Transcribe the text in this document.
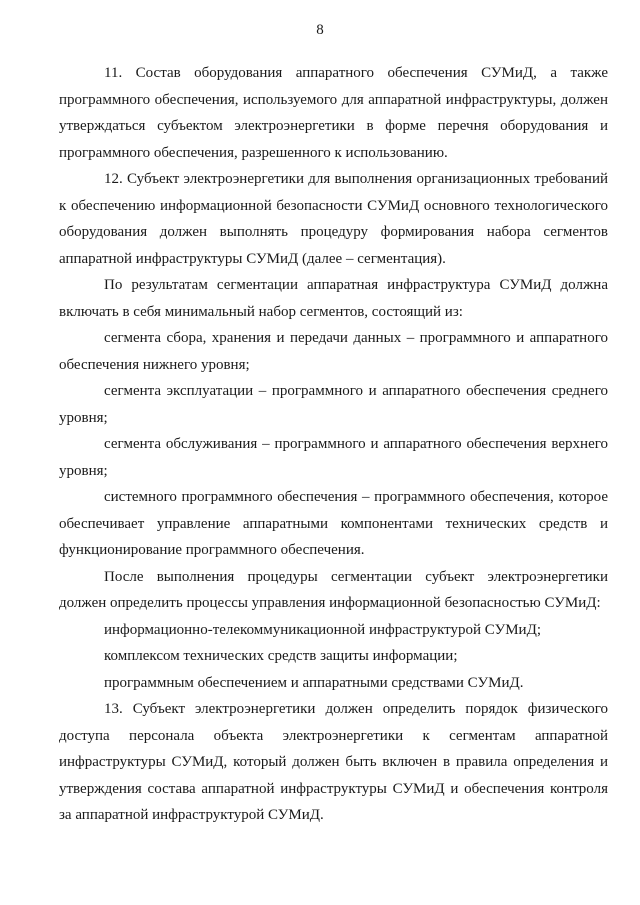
8

11. Состав оборудования аппаратного обеспечения СУМиД, а также программного обеспечения, используемого для аппаратной инфраструктуры, должен утверждаться субъектом электроэнергетики в форме перечня оборудования и программного обеспечения, разрешенного к использованию.

12. Субъект электроэнергетики для выполнения организационных требований к обеспечению информационной безопасности СУМиД основного технологического оборудования должен выполнять процедуру формирования набора сегментов аппаратной инфраструктуры СУМиД (далее – сегментация).

По результатам сегментации аппаратная инфраструктура СУМиД должна включать в себя минимальный набор сегментов, состоящий из:

сегмента сбора, хранения и передачи данных – программного и аппаратного обеспечения нижнего уровня;

сегмента эксплуатации – программного и аппаратного обеспечения среднего уровня;

сегмента обслуживания – программного и аппаратного обеспечения верхнего уровня;

системного программного обеспечения – программного обеспечения, которое обеспечивает управление аппаратными компонентами технических средств и функционирование программного обеспечения.

После выполнения процедуры сегментации субъект электроэнергетики должен определить процессы управления информационной безопасностью СУМиД:

информационно-телекоммуникационной инфраструктурой СУМиД;

комплексом технических средств защиты информации;

программным обеспечением и аппаратными средствами СУМиД.

13. Субъект электроэнергетики должен определить порядок физического доступа персонала объекта электроэнергетики к сегментам аппаратной инфраструктуры СУМиД, который должен быть включен в правила определения и утверждения состава аппаратной инфраструктуры СУМиД и обеспечения контроля за аппаратной инфраструктурой СУМиД.
